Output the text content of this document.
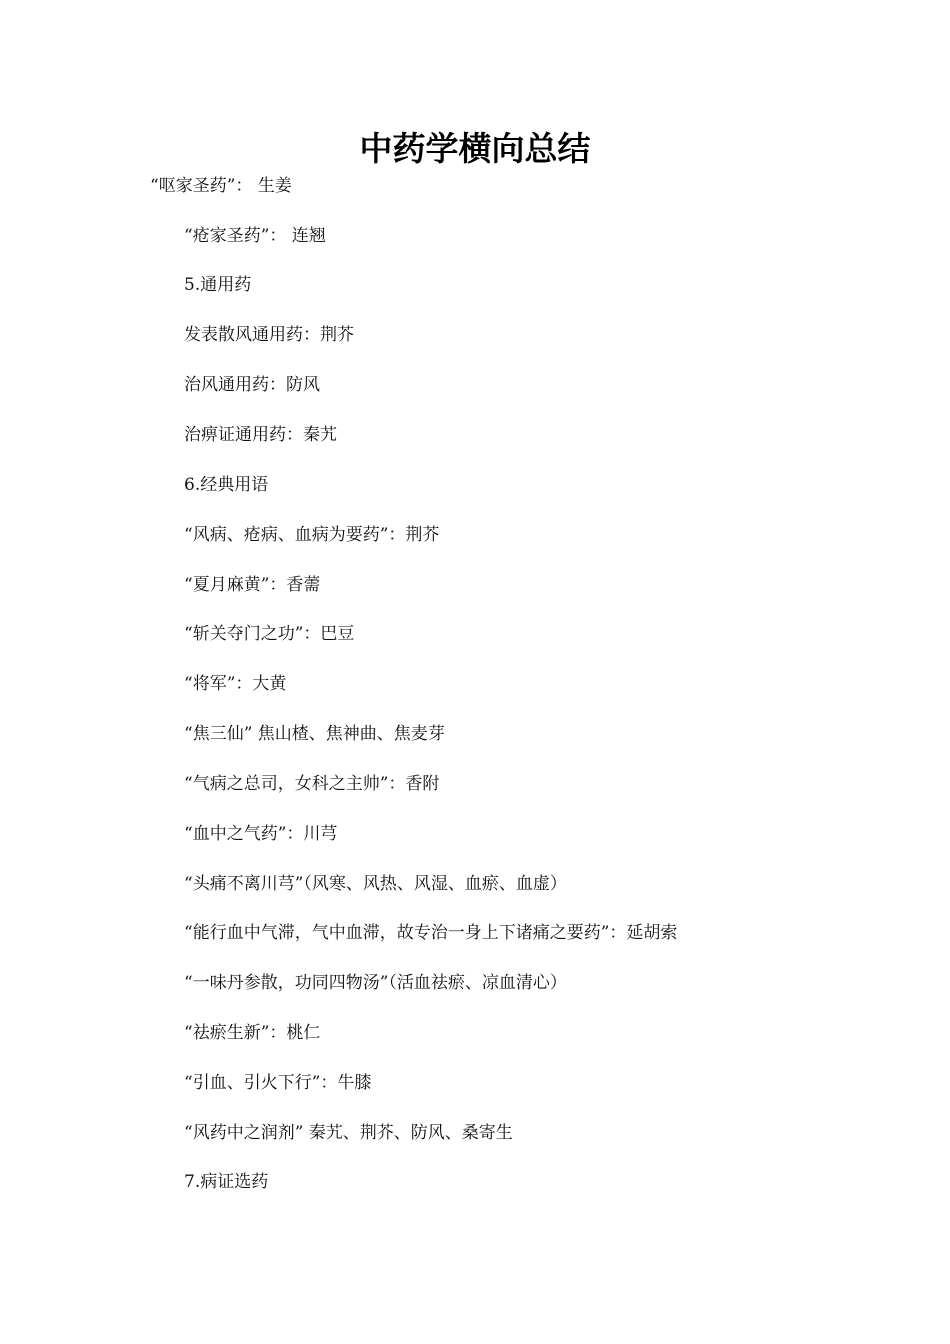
中药学横向总结

“呕家圣药”： 生姜

“疮家圣药”： 连翘

5.通用药

发表散风通用药：荆芥

治风通用药：防风

治痹证通用药：秦艽

6.经典用语

“风病、疮病、血病为要药”：荆芥

“夏月麻黄”：香薷

“斩关夺门之功”：巴豆

“将军”：大黄

“焦三仙” 焦山楂、焦神曲、焦麦芽

“气病之总司，女科之主帅”：香附

“血中之气药”：川芎

“头痛不离川芎”（风寒、风热、风湿、血瘀、血虚）

“能行血中气滞，气中血滞，故专治一身上下诸痛之要药”：延胡索

“一味丹参散，功同四物汤”（活血祛瘀、凉血清心）

“祛瘀生新”：桃仁

“引血、引火下行”：牛膝

“风药中之润剂” 秦艽、荆芥、防风、桑寄生

7.病证选药
